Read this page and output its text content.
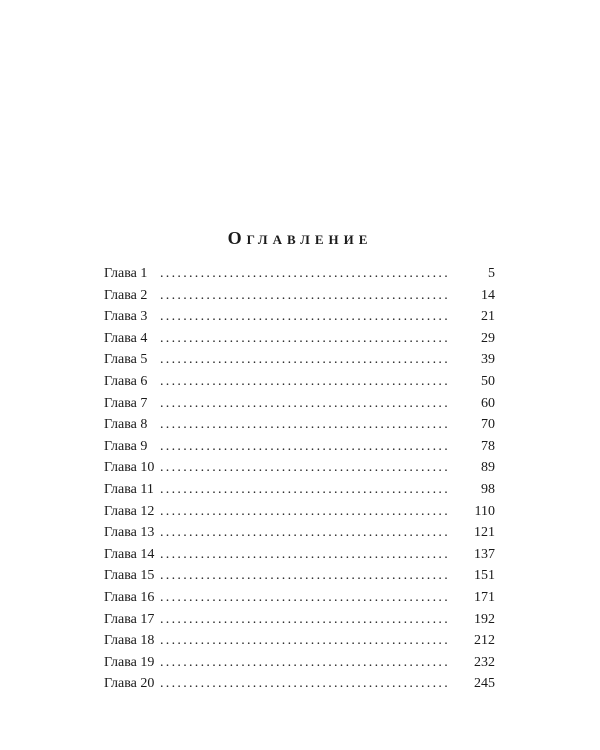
Оглавление
Глава 1 .....	5
Глава 2 .....	14
Глава 3 .....	21
Глава 4 .....	29
Глава 5 .....	39
Глава 6 .....	50
Глава 7 .....	60
Глава 8 .....	70
Глава 9 .....	78
Глава 10 .....	89
Глава 11 .....	98
Глава 12 .....	110
Глава 13 .....	121
Глава 14 .....	137
Глава 15 .....	151
Глава 16 .....	171
Глава 17 .....	192
Глава 18 .....	212
Глава 19 .....	232
Глава 20 .....	245
